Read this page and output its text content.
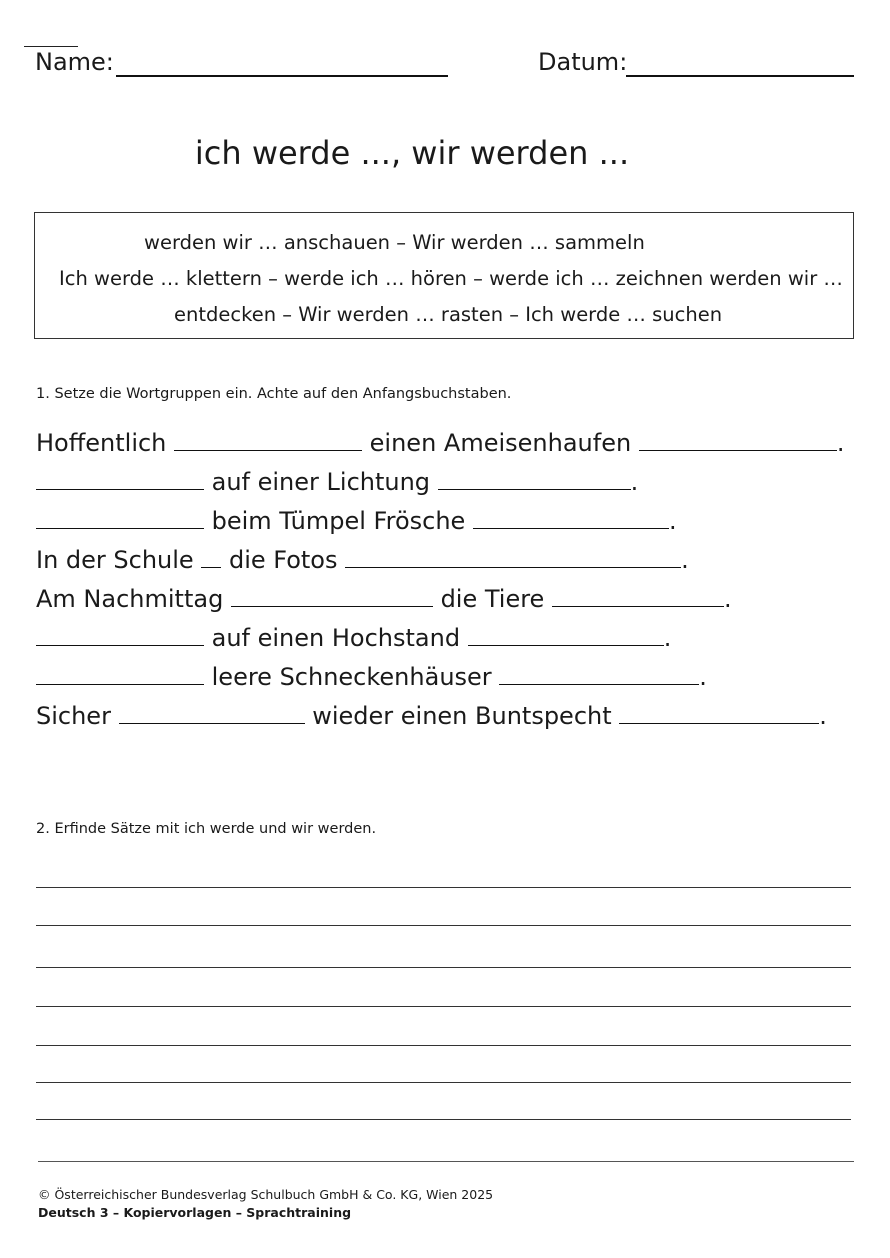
Name:	Datum:
ich werde ..., wir werden ...
werden wir … anschauen – Wir werden … sammeln
Ich werde … klettern – werde ich … hören – werde ich … zeichnen werden wir …
entdecken – Wir werden … rasten – Ich werde … suchen
1. Setze die Wortgruppen ein. Achte auf den Anfangsbuchstaben.
Hoffentlich	einen Ameisenhaufen	.
auf einer Lichtung	.
beim Tümpel Frösche	.
In der Schule  die Fotos	.
Am Nachmittag	die Tiere	.
auf einen Hochstand	.
leere Schneckenhäuser	.
Sicher	wieder einen Buntspecht	.
2. Erfinde Sätze mit ich werde und wir werden.
© Österreichischer Bundesverlag Schulbuch GmbH & Co. KG, Wien 2025
Deutsch 3 – Kopiervorlagen – Sprachtraining
